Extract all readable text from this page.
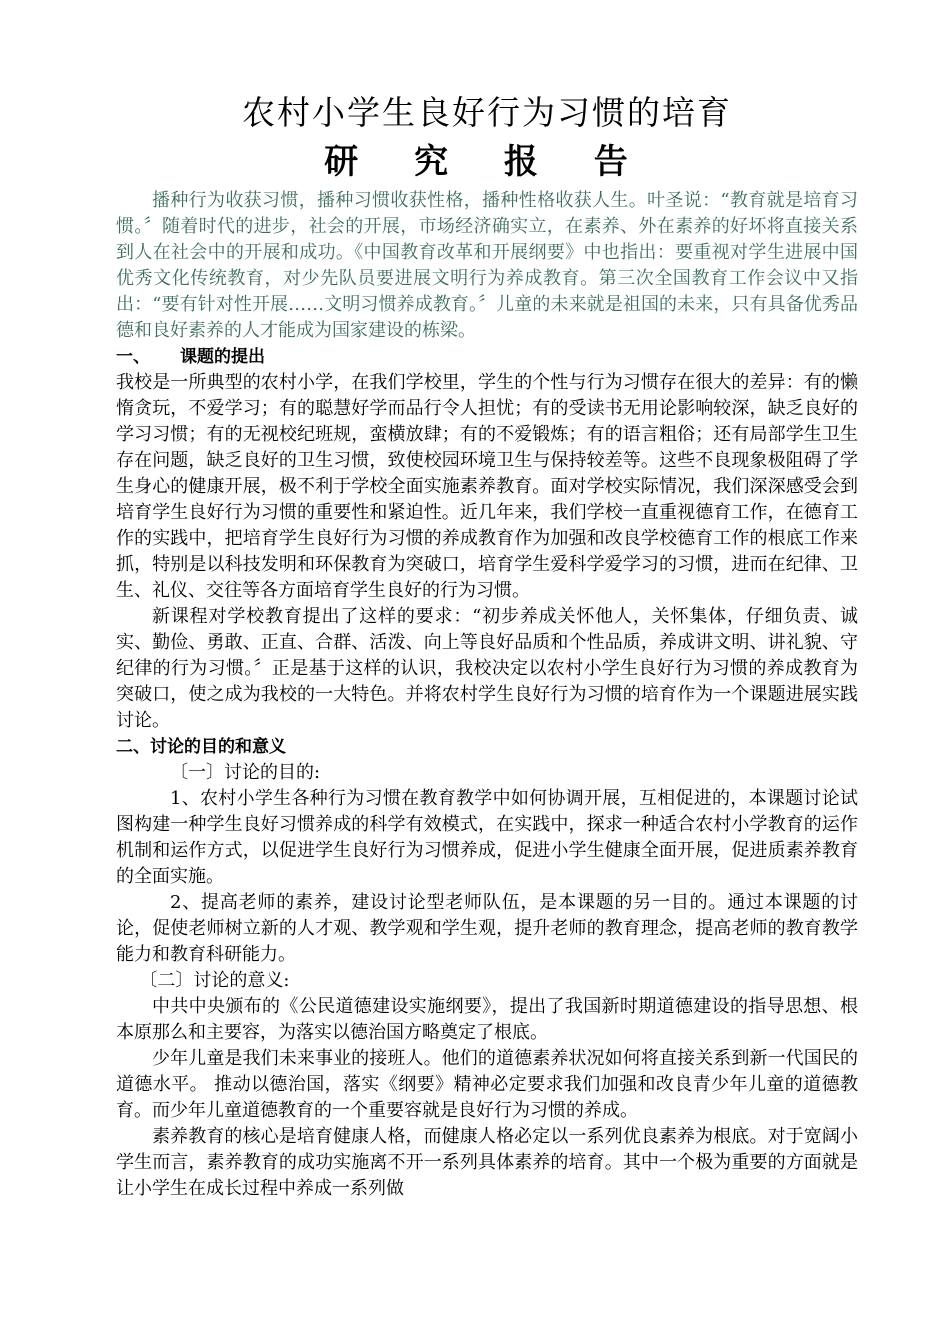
农村小学生良好行为习惯的培育
研 究 报 告

播种行为收获习惯，播种习惯收获性格，播种性格收获人生。叶圣说：“教育就是培育习惯。〞随着时代的进步，社会的开展，市场经济确实立，在素养、外在素养的好坏将直接关系到人在社会中的开展和成功。《中国教育改革和开展纲要》中也指出：要重视对学生进展中国优秀文化传统教育，对少先队员要进展文明行为养成教育。第三次全国教育工作会议中又指出：“要有针对性开展……文明习惯养成教育。〞儿童的未来就是祖国的未来，只有具备优秀品德和良好素养的人才能成为国家建设的栋梁。

一、 课题的提出

我校是一所典型的农村小学，在我们学校里，学生的个性与行为习惯存在很大的差异：有的懒惰贪玩，不爱学习；有的聪慧好学而品行令人担忧；有的受读书无用论影响较深，缺乏良好的学习习惯；有的无视校纪班规，蛮横放肆；有的不爱锻炼；有的语言粗俗；还有局部学生卫生存在问题，缺乏良好的卫生习惯，致使校园环境卫生与保持较差等。这些不良现象极阻碍了学生身心的健康开展，极不利于学校全面实施素养教育。面对学校实际情况，我们深深感受会到培育学生良好行为习惯的重要性和紧迫性。近几年来，我们学校一直重视德育工作，在德育工作的实践中，把培育学生良好行为习惯的养成教育作为加强和改良学校德育工作的根底工作来抓，特别是以科技发明和环保教育为突破口，培育学生爱科学爱学习的习惯，进而在纪律、卫生、礼仪、交往等各方面培育学生良好的行为习惯。

新课程对学校教育提出了这样的要求：“初步养成关怀他人，关怀集体，仔细负责、诚实、勤俭、勇敢、正直、合群、活泼、向上等良好品质和个性品质，养成讲文明、讲礼貌、守纪律的行为习惯。〞正是基于这样的认识，我校决定以农村小学生良好行为习惯的养成教育为突破口，使之成为我校的一大特色。并将农村学生良好行为习惯的培育作为一个课题进展实践讨论。

二、讨论的目的和意义

〔一〕讨论的目的:

1、农村小学生各种行为习惯在教育教学中如何协调开展，互相促进的，本课题讨论试图构建一种学生良好习惯养成的科学有效模式，在实践中，探求一种适合农村小学教育的运作机制和运作方式，以促进学生良好行为习惯养成，促进小学生健康全面开展，促进质素养教育的全面实施。

2、提高老师的素养，建设讨论型老师队伍，是本课题的另一目的。通过本课题的讨论，促使老师树立新的人才观、教学观和学生观，提升老师的教育理念，提高老师的教育教学能力和教育科研能力。

〔二〕讨论的意义:

中共中央颁布的《公民道德建设实施纲要》，提出了我国新时期道德建设的指导思想、根本原那么和主要容，为落实以德治国方略奠定了根底。

少年儿童是我们未来事业的接班人。他们的道德素养状况如何将直接关系到新一代国民的道德水平。 推动以德治国，落实《纲要》精神必定要求我们加强和改良青少年儿童的道德教育。而少年儿童道德教育的一个重要容就是良好行为习惯的养成。

素养教育的核心是培育健康人格，而健康人格必定以一系列优良素养为根底。对于宽阔小学生而言，素养教育的成功实施离不开一系列具体素养的培育。其中一个极为重要的方面就是让小学生在成长过程中养成一系列做
